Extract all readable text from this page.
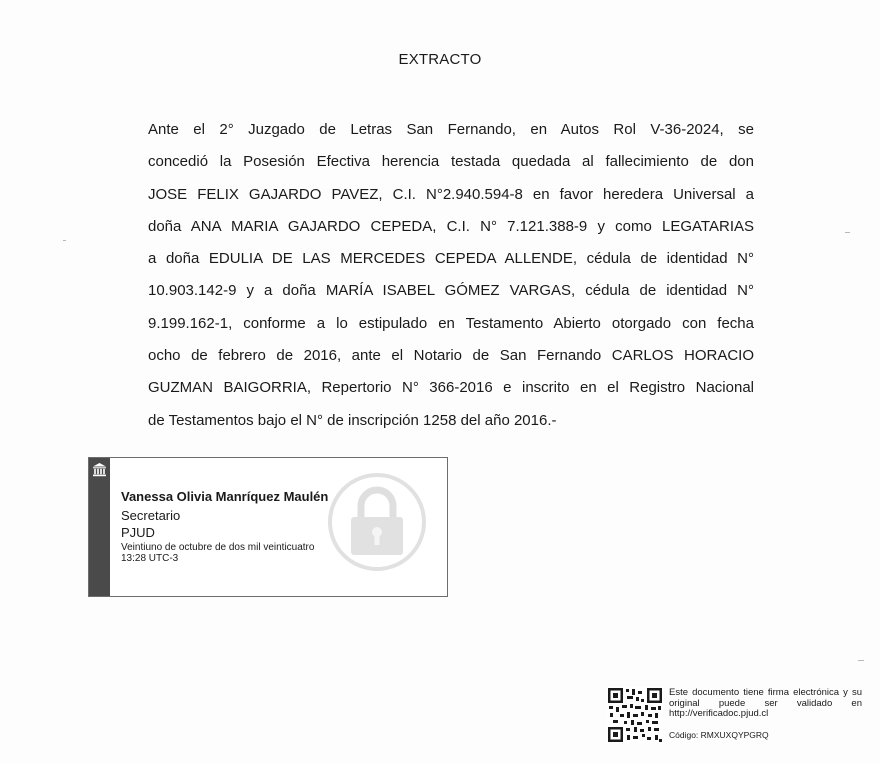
EXTRACTO
Ante el 2° Juzgado de Letras San Fernando, en Autos Rol V-36-2024, se
concedió la Posesión Efectiva herencia testada quedada al fallecimiento de don
JOSE FELIX GAJARDO PAVEZ, C.I. N°2.940.594-8 en favor heredera Universal a
doña ANA MARIA GAJARDO CEPEDA, C.I. N° 7.121.388-9 y como LEGATARIAS
a doña EDULIA DE LAS MERCEDES CEPEDA ALLENDE, cédula de identidad N°
10.903.142-9 y a doña MARÍA ISABEL GÓMEZ VARGAS, cédula de identidad N°
9.199.162-1, conforme a lo estipulado en Testamento Abierto otorgado con fecha
ocho de febrero de 2016, ante el Notario de San Fernando CARLOS HORACIO
GUZMAN BAIGORRIA, Repertorio N° 366-2016 e inscrito en el Registro Nacional
de Testamentos bajo el N° de inscripción 1258 del año 2016.-
Vanessa Olivia Manríquez Maulén
Secretario
PJUD
Veintiuno de octubre de dos mil veinticuatro
13:28 UTC-3
Este documento tiene firma electrónica y su original puede ser validado en http://verificadoc.pjud.cl
Código: RMXUXQYPGRQ
